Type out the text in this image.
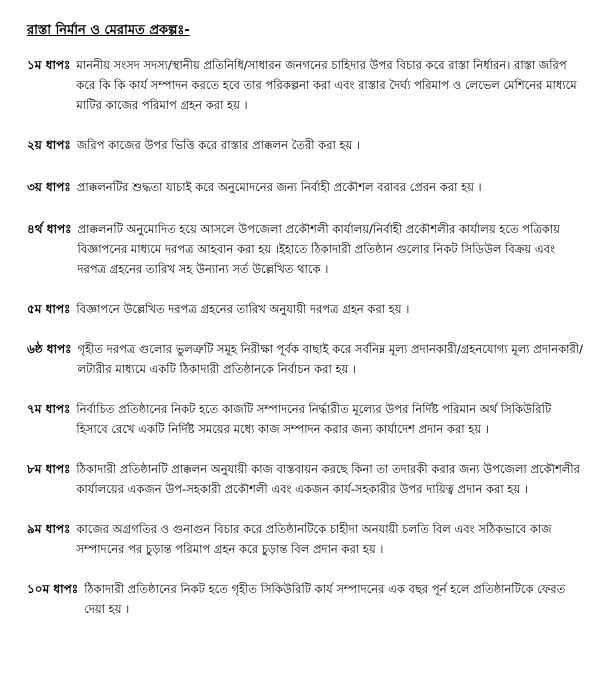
রাস্তা নির্মান ও মেরামত প্রকল্পঃ-
১ম ধাপঃ মাননীয় সংসদ সদস্য/স্থানীয় প্রতিনিধি/সাধারন জনগনের চাহিদার উপর বিচার করে রাস্তা নির্ধারন। রাস্তা জরিপ করে কি কি কার্য সম্পাদন করতে হবে তার পরিকল্পনা করা এবং রাস্তার দৈর্ঘ্য পরিমাপ ও লেভেল মেশিনের মাধ্যমে মাটির কাজের পরিমাপ গ্রহন করা হয় ।
২য় ধাপঃ জরিপ কাজের উপর ভিত্তি করে রাস্তার প্রাক্কলন তৈরী করা হয় ।
৩য় ধাপঃ প্রাক্কলনটির শুদ্ধতা যাচাই করে অনুমোদনের জন্য নির্বাহী প্রকৌশল বরাবর প্রেরন করা হয় ।
৪র্থ ধাপঃ প্রাক্কলনটি অনুমোদিত হয়ে আসলে উপজেলা প্রকৌশলী কার্যালয়/নির্বাহী প্রকৌশলীর কার্যালয় হতে পত্রিকায় বিজ্ঞাপনের মাধ্যমে দরপত্র আহবান করা হয় ।ইহাতে ঠিকাদারী প্রতিষ্ঠান গুলোর নিকট সিডিউল বিক্রয় এবং দরপত্র গ্রহনের তারিখ সহ উন্যান্য সর্ত উল্লেখিত থাকে ।
৫ম ধাপঃ বিজ্ঞাপনে উল্লেখিত দরপত্র গ্রহনের তারিখ অনুযায়ী দরপত্র গ্রহন করা হয় ।
৬ষ্ঠ ধাপঃ গৃহীত দরপত্র গুলোর ভুলত্রুটি সমূহ নিরীক্ষা পূর্বক বাছাই করে সর্বনিম্ন মূল্য প্রদানকারী/গ্রহনযোগ্য মূল্য প্রদানকারী/লটারীর মাধ্যমে একটি ঠিকাদারী প্রতিষ্ঠানকে নির্বাচন করা হয় ।
৭ম ধাপঃ নির্বাচিত প্রতিষ্ঠানের নিকট হতে কাজটি সম্পাদনের নির্দ্ধারীত মূল্যের উপর নির্দিষ্ট পরিমান অর্থ সিকিউরিটি হিসাবে রেখে একটি নির্দিষ্ট সময়ের মধ্যে কাজ সম্পাদন করার জন্য কার্যাদেশ প্রদান করা হয় ।
৮ম ধাপঃ ঠিকাদারী প্রতিষ্ঠানটি প্রাক্কলন অনুযায়ী কাজ বাস্তবায়ন করছে কিনা তা তদারকী করার জন্য উপজেলা প্রকৌশলীর কার্যালয়ের একজন উপ-সহকারী প্রকৌশলী এবং একজন কার্য-সহকারীর উপর দায়িত্ব প্রদান করা হয় ।
৯ম ধাপঃ কাজের অগ্রগতির ও গুনাগুন বিচার করে প্রতিষ্ঠানটিকে চাহীদা অনযায়ী চলতি বিল এবং সঠিকভাবে কাজ সম্পাদনের পর চুড়ান্ত পরিমাপ গ্রহন করে চুড়ান্ত বিল প্রদান করা হয় ।
১০ম ধাপঃ ঠিকাদারী প্রতিষ্ঠানের নিকট হতে গৃহীত সিকিউরিটি কার্য সম্পাদনের এক বছর পূর্ন হলে প্রতিষ্ঠানটিকে ফেরত দেয়া হয় ।
